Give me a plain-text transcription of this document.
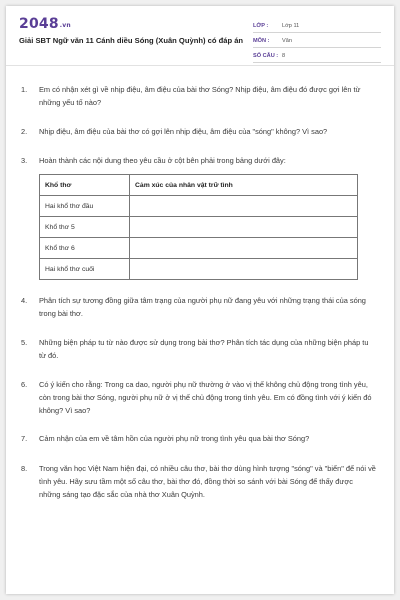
2048.vn
Giải SBT Ngữ văn 11 Cánh diều Sóng (Xuân Quỳnh) có đáp án
LỚP :	Lớp 11
MÔN :	Văn
SỐ CÂU : 8
1.	Em có nhận xét gì về nhịp điệu, âm điệu của bài thơ Sóng? Nhịp điệu, âm điệu đó được gợi lên từ những yếu tố nào?
2.	Nhịp điệu, âm điệu của bài thơ có gợi lên nhịp điệu, âm điệu của "sóng" không? Vì sao?
3.	Hoàn thành các nội dung theo yêu cầu ở cột bên phải trong bảng dưới đây:
Khổ thơ	Cảm xúc của nhân vật trữ tình
Hai khổ thơ đầu	
Khổ thơ 5	
Khổ thơ 6	
Hai khổ thơ cuối	
4.	Phân tích sự tương đồng giữa tâm trạng của người phụ nữ đang yêu với những trạng thái của sóng trong bài thơ.
5.	Những biện pháp tu từ nào được sử dụng trong bài thơ? Phân tích tác dụng của những biện pháp tu từ đó.
6.	Có ý kiến cho rằng: Trong ca dao, người phụ nữ thường ở vào vị thế không chủ động trong tình yêu, còn trong bài thơ Sóng, người phụ nữ ở vị thế chủ động trong tình yêu. Em có đồng tình với ý kiến đó không? Vì sao?
7.	Cảm nhận của em về tâm hồn của người phụ nữ trong tình yêu qua bài thơ Sóng?
8.	Trong văn học Việt Nam hiện đại, có nhiều câu thơ, bài thơ dùng hình tượng "sóng" và "biển" để nói về tình yêu. Hãy sưu tầm một số câu thơ, bài thơ đó, đồng thời so sánh với bài Sóng để thấy được những sáng tạo đặc sắc của nhà thơ Xuân Quỳnh.
